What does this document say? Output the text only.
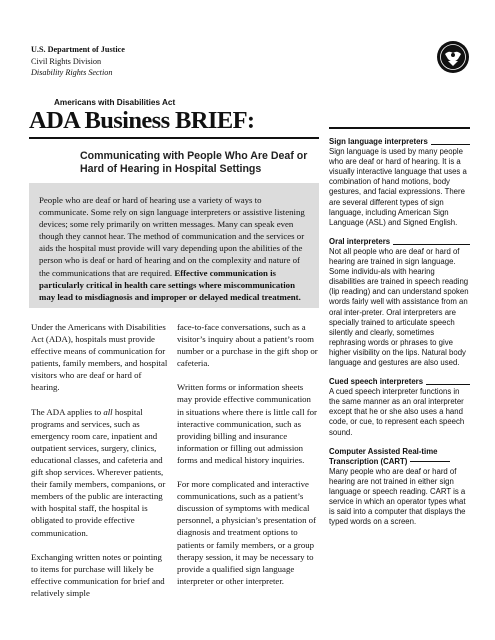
U.S. Department of Justice
Civil Rights Division
Disability Rights Section
Americans with Disabilities Act
ADA Business BRIEF:
Communicating with People Who Are Deaf or Hard of Hearing in Hospital Settings
People who are deaf or hard of hearing use a variety of ways to communicate. Some rely on sign language interpreters or assistive listening devices; some rely primarily on written messages. Many can speak even though they cannot hear. The method of communication and the services or aids the hospital must provide will vary depending upon the abilities of the person who is deaf or hard of hearing and on the complexity and nature of the communications that are required. Effective communication is particularly critical in health care settings where miscommunication may lead to misdiagnosis and improper or delayed medical treatment.

Under the Americans with Disabilities Act (ADA), hospitals must provide effective means of communication for patients, family members, and hospital visitors who are deaf or hard of hearing.

The ADA applies to all hospital programs and services, such as emergency room care, inpatient and outpatient services, surgery, clinics, educational classes, and cafeteria and gift shop services. Wherever patients, their family members, companions, or members of the public are interacting with hospital staff, the hospital is obligated to provide effective communication.

Exchanging written notes or pointing to items for purchase will likely be effective communication for brief and relatively simple

face-to-face conversations, such as a visitor’s inquiry about a patient’s room number or a purchase in the gift shop or cafeteria.

Written forms or information sheets may provide effective communication in situations where there is little call for interactive communication, such as providing billing and insurance information or filling out admission forms and medical history inquiries.

For more complicated and interactive communications, such as a patient’s discussion of symptoms with medical personnel, a physician’s presentation of diagnosis and treatment options to patients or family members, or a group therapy session, it may be necessary to provide a qualified sign language interpreter or other interpreter.

Sign language interpreters
Sign language is used by many people who are deaf or hard of hearing. It is a visually interactive language that uses a combination of hand motions, body gestures, and facial expressions. There are several different types of sign language, including American Sign Language (ASL) and Signed English.
Oral interpreters
Not all people who are deaf or hard of hearing are trained in sign language. Some individu-als with hearing disabilities are trained in speech reading (lip reading) and can understand spoken words fairly well with assistance from an oral inter-preter. Oral interpreters are specially trained to articulate speech silently and clearly, sometimes rephrasing words or phrases to give higher visibility on the lips. Natural body language and gestures are also used.
Cued speech interpreters
A cued speech interpreter functions in the same manner as an oral interpreter except that he or she also uses a hand code, or cue, to represent each speech sound.
Computer Assisted Real-time Transcription (CART)
Many people who are deaf or hard of hearing are not trained in either sign language or speech reading. CART is a service in which an operator types what is said into a computer that displays the typed words on a screen.
